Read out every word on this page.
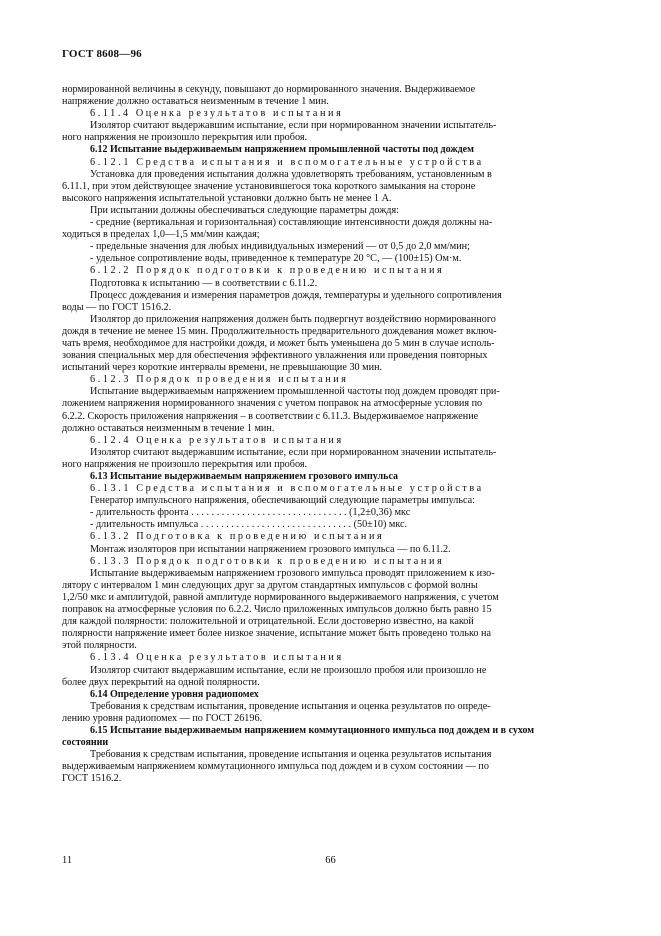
ГОСТ 8608—96

нормированной величины в секунду, повышают до нормированного значения. Выдерживаемое

напряжение должно оставаться неизменным в течение 1 мин.

6.11.4 Оценка результатов испытания

Изолятор считают выдержавшим испытание, если при нормированном значении испытатель-

ного напряжения не произошло перекрытия или пробоя.

6.12 Испытание выдерживаемым напряжением промышленной частоты под дождем

6.12.1 Средства испытания и вспомогательные устройства

Установка для проведения испытания должна удовлетворять требованиям, установленным в

6.11.1, при этом действующее значение установившегося тока короткого замыкания на стороне

высокого напряжения испытательной установки должно быть не менее 1 А.

При испытании должны обеспечиваться следующие параметры дождя:

- средние (вертикальная и горизонтальная) составляющие интенсивности дождя должны на-

ходиться в пределах 1,0—1,5 мм/мин каждая;

- предельные значения для любых индивидуальных измерений — от 0,5 до 2,0 мм/мин;

- удельное сопротивление воды, приведенное к температуре 20 °С, — (100±15) Ом·м.

6.12.2 Порядок подготовки к проведению испытания

Подготовка к испытанию — в соответствии с 6.11.2.

Процесс дождевания и измерения параметров дождя, температуры и удельного сопротивления

воды — по ГОСТ 1516.2.

Изолятор до приложения напряжения должен быть подвергнут воздействию нормированного

дождя в течение не менее 15 мин. Продолжительность предварительного дождевания может включ-

чать время, необходимое для настройки дождя, и может быть уменьшена до 5 мин в случае исполь-

зования специальных мер для обеспечения эффективного увлажнения или проведения повторных

испытаний через короткие интервалы времени, не превышающие 30 мин.

6.12.3 Порядок проведения испытания

Испытание выдерживаемым напряжением промышленной частоты под дождем проводят при-

ложением напряжения нормированного значения с учетом поправок на атмосферные условия по

6.2.2. Скорость приложения напряжения – в соответствии с 6.11.3. Выдерживаемое напряжение

должно оставаться неизменным в течение 1 мин.

6.12.4 Оценка результатов испытания

Изолятор считают выдержавшим испытание, если при нормированном значении испытатель-

ного напряжения не произошло перекрытия или пробоя.

6.13 Испытание выдерживаемым напряжением грозового импульса

6.13.1 Средства испытания и вспомогательные устройства

Генератор импульсного напряжения, обеспечивающий следующие параметры импульса:

- длительность фронта . . . . . . . . . . . . . . . . . . . . . . . . . . . . . . . (1,2±0,36) мкс
- длительность импульса . . . . . . . . . . . . . . . . . . . . . . . . . . . . . . (50±10) мкс.

6.13.2 Подготовка к проведению испытания

Монтаж изоляторов при испытании напряжением грозового импульса — по 6.11.2.

6.13.3 Порядок подготовки к проведению испытания

Испытание выдерживаемым напряжением грозового импульса проводят приложением к изо-

лятору с интервалом 1 мин следующих друг за другом стандартных импульсов с формой волны

1,2/50 мкс и амплитудой, равной амплитуде нормированного выдерживаемого напряжения, с учетом

поправок на атмосферные условия по 6.2.2. Число приложенных импульсов должно быть равно 15

для каждой полярности: положительной и отрицательной. Если достоверно известно, на какой

полярности напряжение имеет более низкое значение, испытание может быть проведено только на

этой полярности.

6.13.4 Оценка результатов испытания

Изолятор считают выдержавшим испытание, если не произошло пробоя или произошло не

более двух перекрытий на одной полярности.

6.14 Определение уровня радиопомех

Требования к средствам испытания, проведение испытания и оценка результатов по опреде-

лению уровня радиопомех — по ГОСТ 26196.

6.15 Испытание выдерживаемым напряжением коммутационного импульса под дождем и в сухом

состоянии

Требования к средствам испытания, проведение испытания и оценка результатов испытания

выдерживаемым напряжением коммутационного импульса под дождем и в сухом состоянии — по

ГОСТ 1516.2.

11	66
